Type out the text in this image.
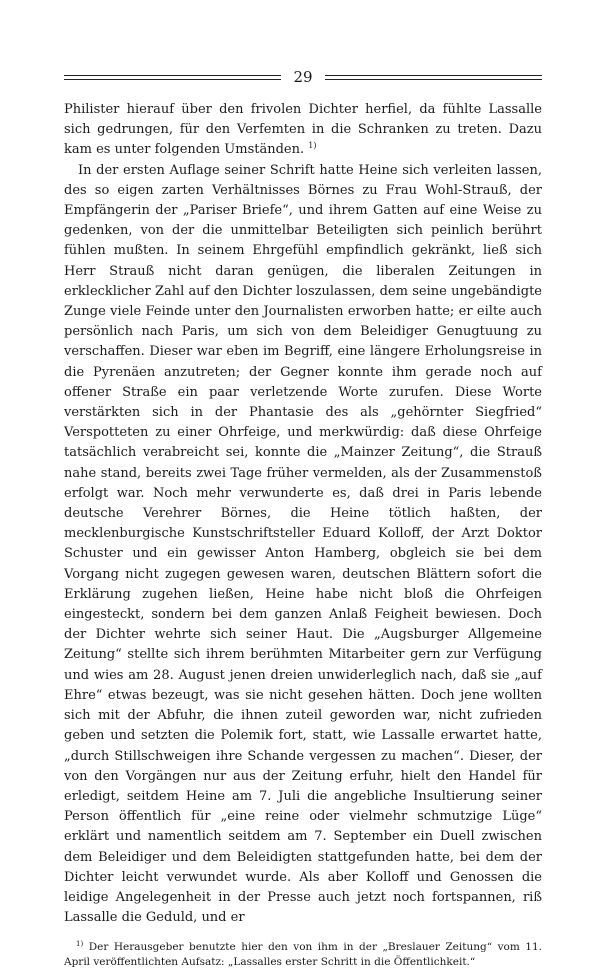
29

Philister hierauf über den frivolen Dichter herfiel, da fühlte Lassalle sich gedrungen, für den Verfemten in die Schranken zu treten. Dazu kam es unter folgenden Umständen. $^{1)}$

In der ersten Auflage seiner Schrift hatte Heine sich verleiten lassen, des so eigen zarten Verhältnisses Börnes zu Frau Wohl-Strauß, der Empfängerin der „Pariser Briefe“, und ihrem Gatten auf eine Weise zu gedenken, von der die unmittelbar Beteiligten sich peinlich berührt fühlen mußten. In seinem Ehrgefühl empfindlich gekränkt, ließ sich Herr Strauß nicht daran genügen, die liberalen Zeitungen in erklecklicher Zahl auf den Dichter loszulassen, dem seine ungebändigte Zunge viele Feinde unter den Journalisten erworben hatte; er eilte auch persönlich nach Paris, um sich von dem Beleidiger Genugtuung zu verschaffen. Dieser war eben im Begriff, eine längere Erholungsreise in die Pyrenäen anzutreten; der Gegner konnte ihm gerade noch auf offener Straße ein paar verletzende Worte zurufen. Diese Worte verstärkten sich in der Phantasie des als „gehörnter Siegfried“ Verspotteten zu einer Ohrfeige, und merkwürdig: daß diese Ohrfeige tatsächlich verabreicht sei, konnte die „Mainzer Zeitung“, die Strauß nahe stand, bereits zwei Tage früher vermelden, als der Zusammenstoß erfolgt war. Noch mehr verwunderte es, daß drei in Paris lebende deutsche Verehrer Börnes, die Heine tötlich haßten, der mecklenburgische Kunstschriftsteller Eduard Kolloff, der Arzt Doktor Schuster und ein gewisser Anton Hamberg, obgleich sie bei dem Vorgang nicht zugegen gewesen waren, deutschen Blättern sofort die Erklärung zugehen ließen, Heine habe nicht bloß die Ohrfeigen eingesteckt, sondern bei dem ganzen Anlaß Feigheit bewiesen. Doch der Dichter wehrte sich seiner Haut. Die „Augsburger Allgemeine Zeitung“ stellte sich ihrem berühmten Mitarbeiter gern zur Verfügung und wies am 28. August jenen dreien unwiderleglich nach, daß sie „auf Ehre“ etwas bezeugt, was sie nicht gesehen hätten. Doch jene wollten sich mit der Abfuhr, die ihnen zuteil geworden war, nicht zufrieden geben und setzten die Polemik fort, statt, wie Lassalle erwartet hatte, „durch Stillschweigen ihre Schande vergessen zu machen“. Dieser, der von den Vorgängen nur aus der Zeitung erfuhr, hielt den Handel für erledigt, seitdem Heine am 7. Juli die angebliche Insultierung seiner Person öffentlich für „eine reine oder vielmehr schmutzige Lüge“ erklärt und namentlich seitdem am 7. September ein Duell zwischen dem Beleidiger und dem Beleidigten stattgefunden hatte, bei dem der Dichter leicht verwundet wurde. Als aber Kolloff und Genossen die leidige Angelegenheit in der Presse auch jetzt noch fortspannen, riß Lassalle die Geduld, und er

$^{1)}$ Der Herausgeber benutzte hier den von ihm in der „Breslauer Zeitung“ vom 11. April veröffentlichten Aufsatz: „Lassalles erster Schritt in die Öffentlichkeit.“
